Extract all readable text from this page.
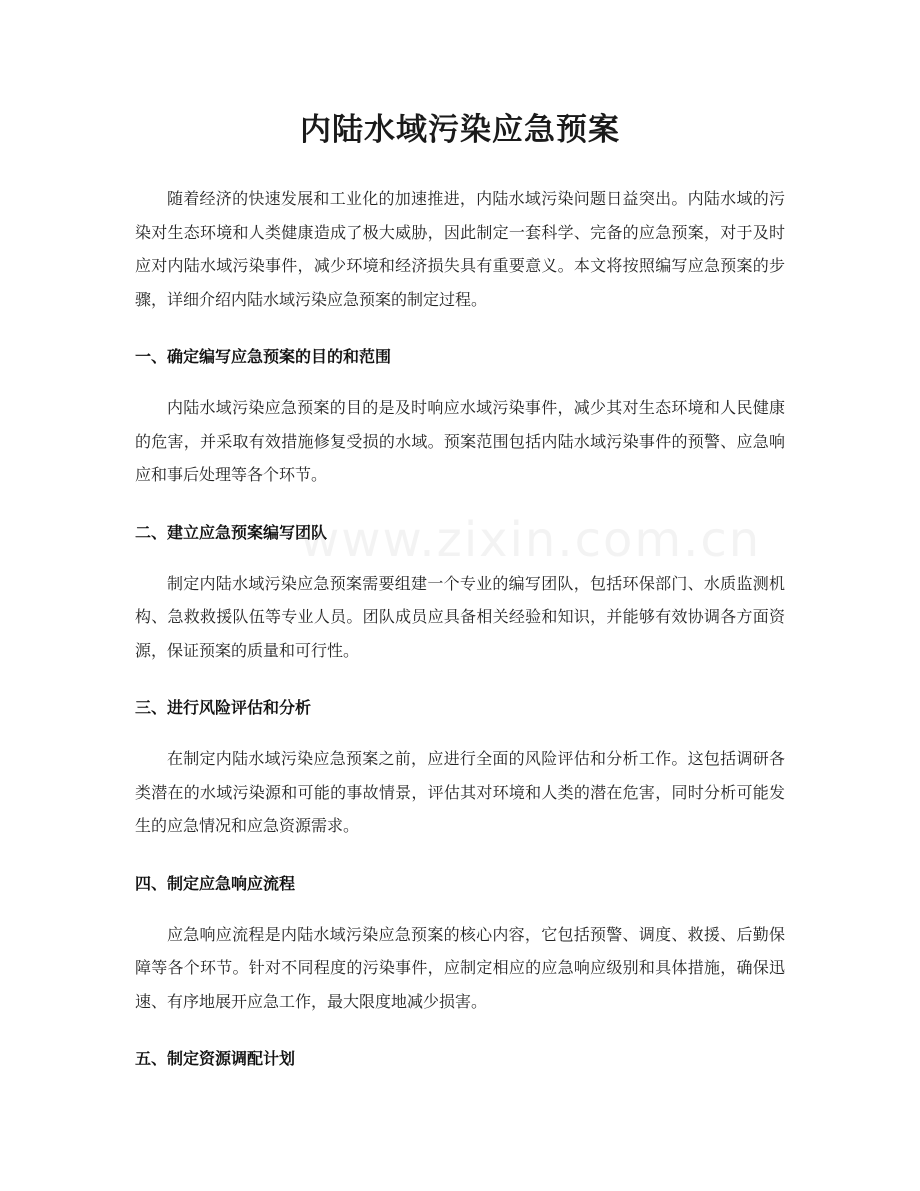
内陆水域污染应急预案

随着经济的快速发展和工业化的加速推进，内陆水域污染问题日益突出。内陆水域的污染对生态环境和人类健康造成了极大威胁，因此制定一套科学、完备的应急预案，对于及时应对内陆水域污染事件，减少环境和经济损失具有重要意义。本文将按照编写应急预案的步骤，详细介绍内陆水域污染应急预案的制定过程。

一、确定编写应急预案的目的和范围

内陆水域污染应急预案的目的是及时响应水域污染事件，减少其对生态环境和人民健康的危害，并采取有效措施修复受损的水域。预案范围包括内陆水域污染事件的预警、应急响应和事后处理等各个环节。

二、建立应急预案编写团队

制定内陆水域污染应急预案需要组建一个专业的编写团队，包括环保部门、水质监测机构、急救救援队伍等专业人员。团队成员应具备相关经验和知识，并能够有效协调各方面资源，保证预案的质量和可行性。

三、进行风险评估和分析

在制定内陆水域污染应急预案之前，应进行全面的风险评估和分析工作。这包括调研各类潜在的水域污染源和可能的事故情景，评估其对环境和人类的潜在危害，同时分析可能发生的应急情况和应急资源需求。

四、制定应急响应流程

应急响应流程是内陆水域污染应急预案的核心内容，它包括预警、调度、救援、后勤保障等各个环节。针对不同程度的污染事件，应制定相应的应急响应级别和具体措施，确保迅速、有序地展开应急工作，最大限度地减少损害。

五、制定资源调配计划
www.zixin.com.cn
